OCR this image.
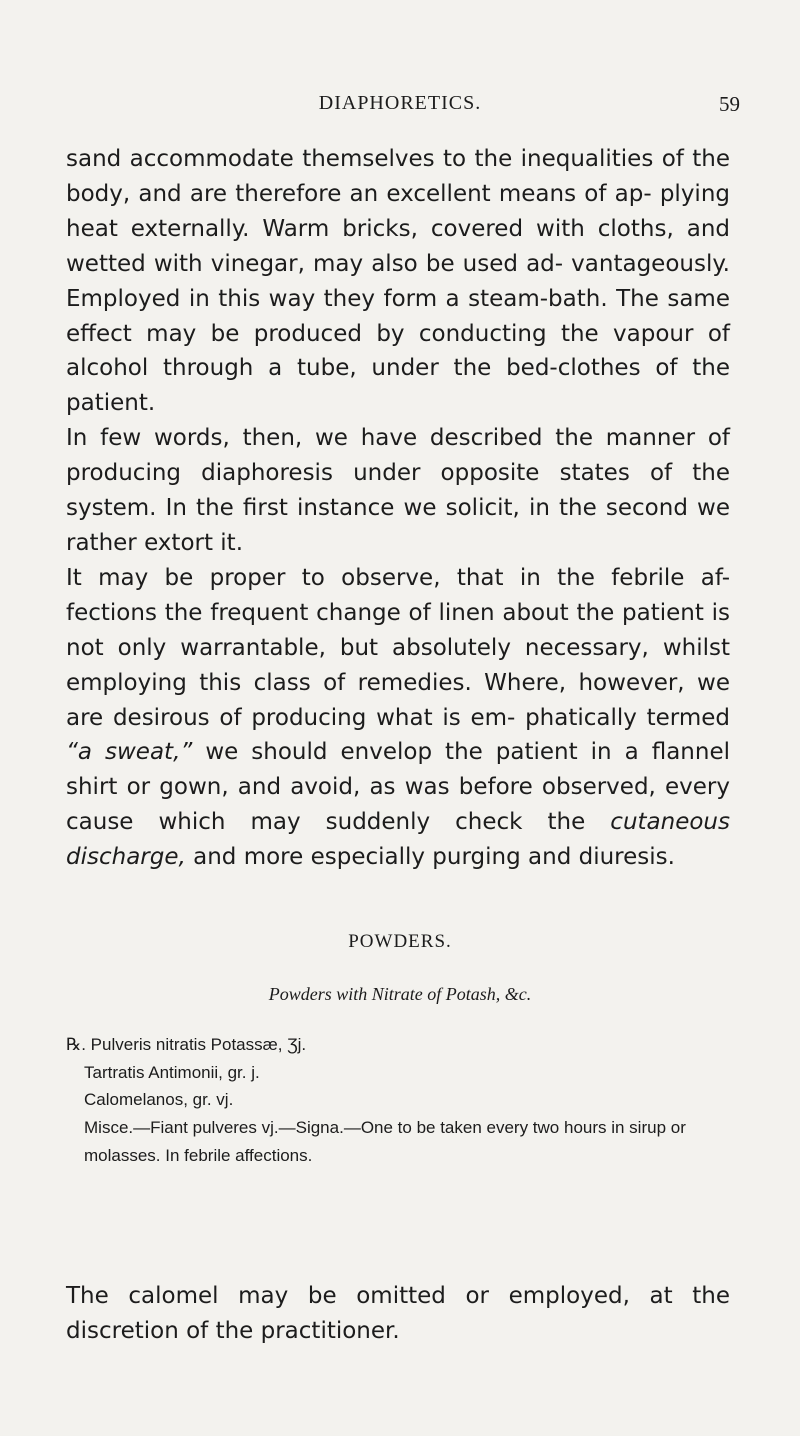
DIAPHORETICS.	59

sand accommodate themselves to the inequalities of the body, and are therefore an excellent means of ap- plying heat externally. Warm bricks, covered with cloths, and wetted with vinegar, may also be used ad- vantageously. Employed in this way they form a steam-bath. The same effect may be produced by conducting the vapour of alcohol through a tube, under the bed-clothes of the patient.

In few words, then, we have described the manner of producing diaphoresis under opposite states of the system. In the first instance we solicit, in the second we rather extort it.

It may be proper to observe, that in the febrile af- fections the frequent change of linen about the patient is not only warrantable, but absolutely necessary, whilst employing this class of remedies. Where, however, we are desirous of producing what is em- phatically termed “a sweat,” we should envelop the patient in a flannel shirt or gown, and avoid, as was before observed, every cause which may suddenly check the cutaneous discharge, and more especially purging and diuresis.

POWDERS.
Powders with Nitrate of Potash, &c.
℞. Pulveris nitratis Potassæ, Ʒj.
Tartratis Antimonii, gr. j.
Calomelanos, gr. vj.
Misce.—Fiant pulveres vj.—Signa.—One to be taken every two hours in sirup or molasses. In febrile affections.

The calomel may be omitted or employed, at the discretion of the practitioner.
